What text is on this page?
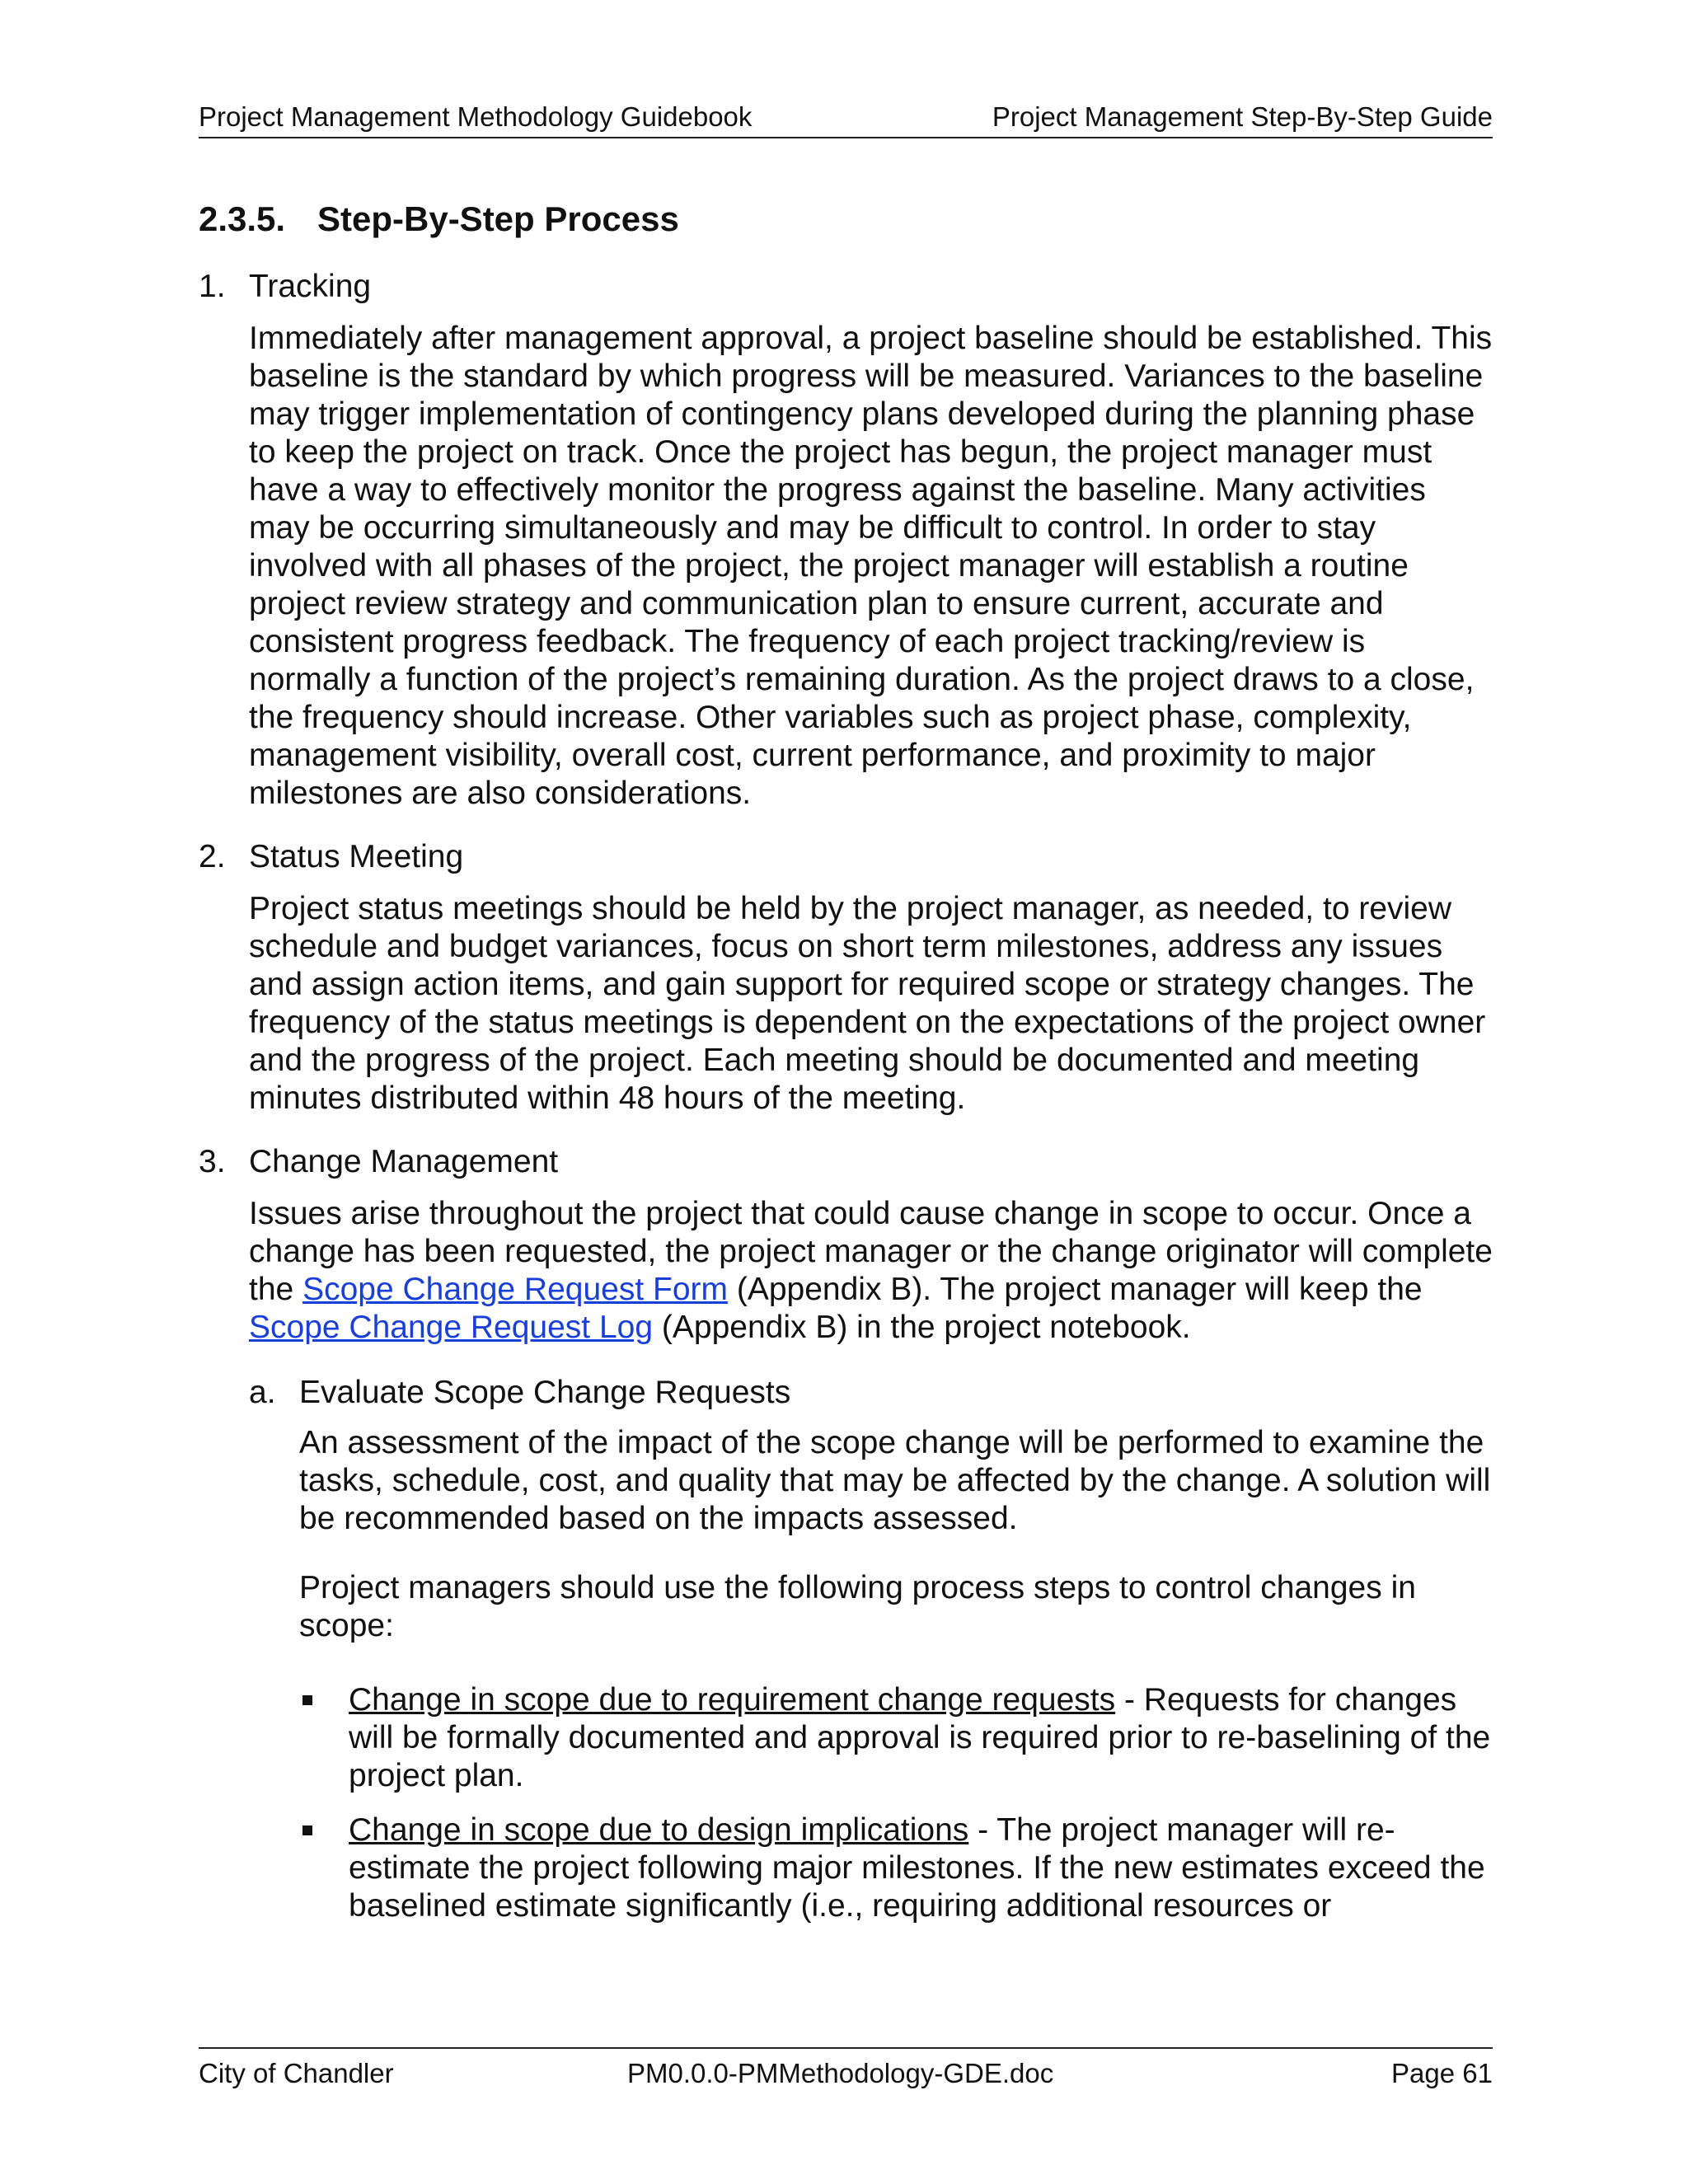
Project Management Methodology Guidebook	Project Management Step-By-Step Guide
2.3.5. Step-By-Step Process
1. Tracking
Immediately after management approval, a project baseline should be established. This baseline is the standard by which progress will be measured. Variances to the baseline may trigger implementation of contingency plans developed during the planning phase to keep the project on track. Once the project has begun, the project manager must have a way to effectively monitor the progress against the baseline. Many activities may be occurring simultaneously and may be difficult to control. In order to stay involved with all phases of the project, the project manager will establish a routine project review strategy and communication plan to ensure current, accurate and consistent progress feedback. The frequency of each project tracking/review is normally a function of the project’s remaining duration. As the project draws to a close, the frequency should increase. Other variables such as project phase, complexity, management visibility, overall cost, current performance, and proximity to major milestones are also considerations.
2. Status Meeting
Project status meetings should be held by the project manager, as needed, to review schedule and budget variances, focus on short term milestones, address any issues and assign action items, and gain support for required scope or strategy changes. The frequency of the status meetings is dependent on the expectations of the project owner and the progress of the project. Each meeting should be documented and meeting minutes distributed within 48 hours of the meeting.
3. Change Management
Issues arise throughout the project that could cause change in scope to occur. Once a change has been requested, the project manager or the change originator will complete the Scope Change Request Form (Appendix B). The project manager will keep the Scope Change Request Log (Appendix B) in the project notebook.
a. Evaluate Scope Change Requests
An assessment of the impact of the scope change will be performed to examine the tasks, schedule, cost, and quality that may be affected by the change. A solution will be recommended based on the impacts assessed.
Project managers should use the following process steps to control changes in scope:
Change in scope due to requirement change requests - Requests for changes will be formally documented and approval is required prior to re-baselining of the project plan.
Change in scope due to design implications - The project manager will re-estimate the project following major milestones. If the new estimates exceed the baselined estimate significantly (i.e., requiring additional resources or
City of Chandler	PM0.0.0-PMMethodology-GDE.doc	Page 61
